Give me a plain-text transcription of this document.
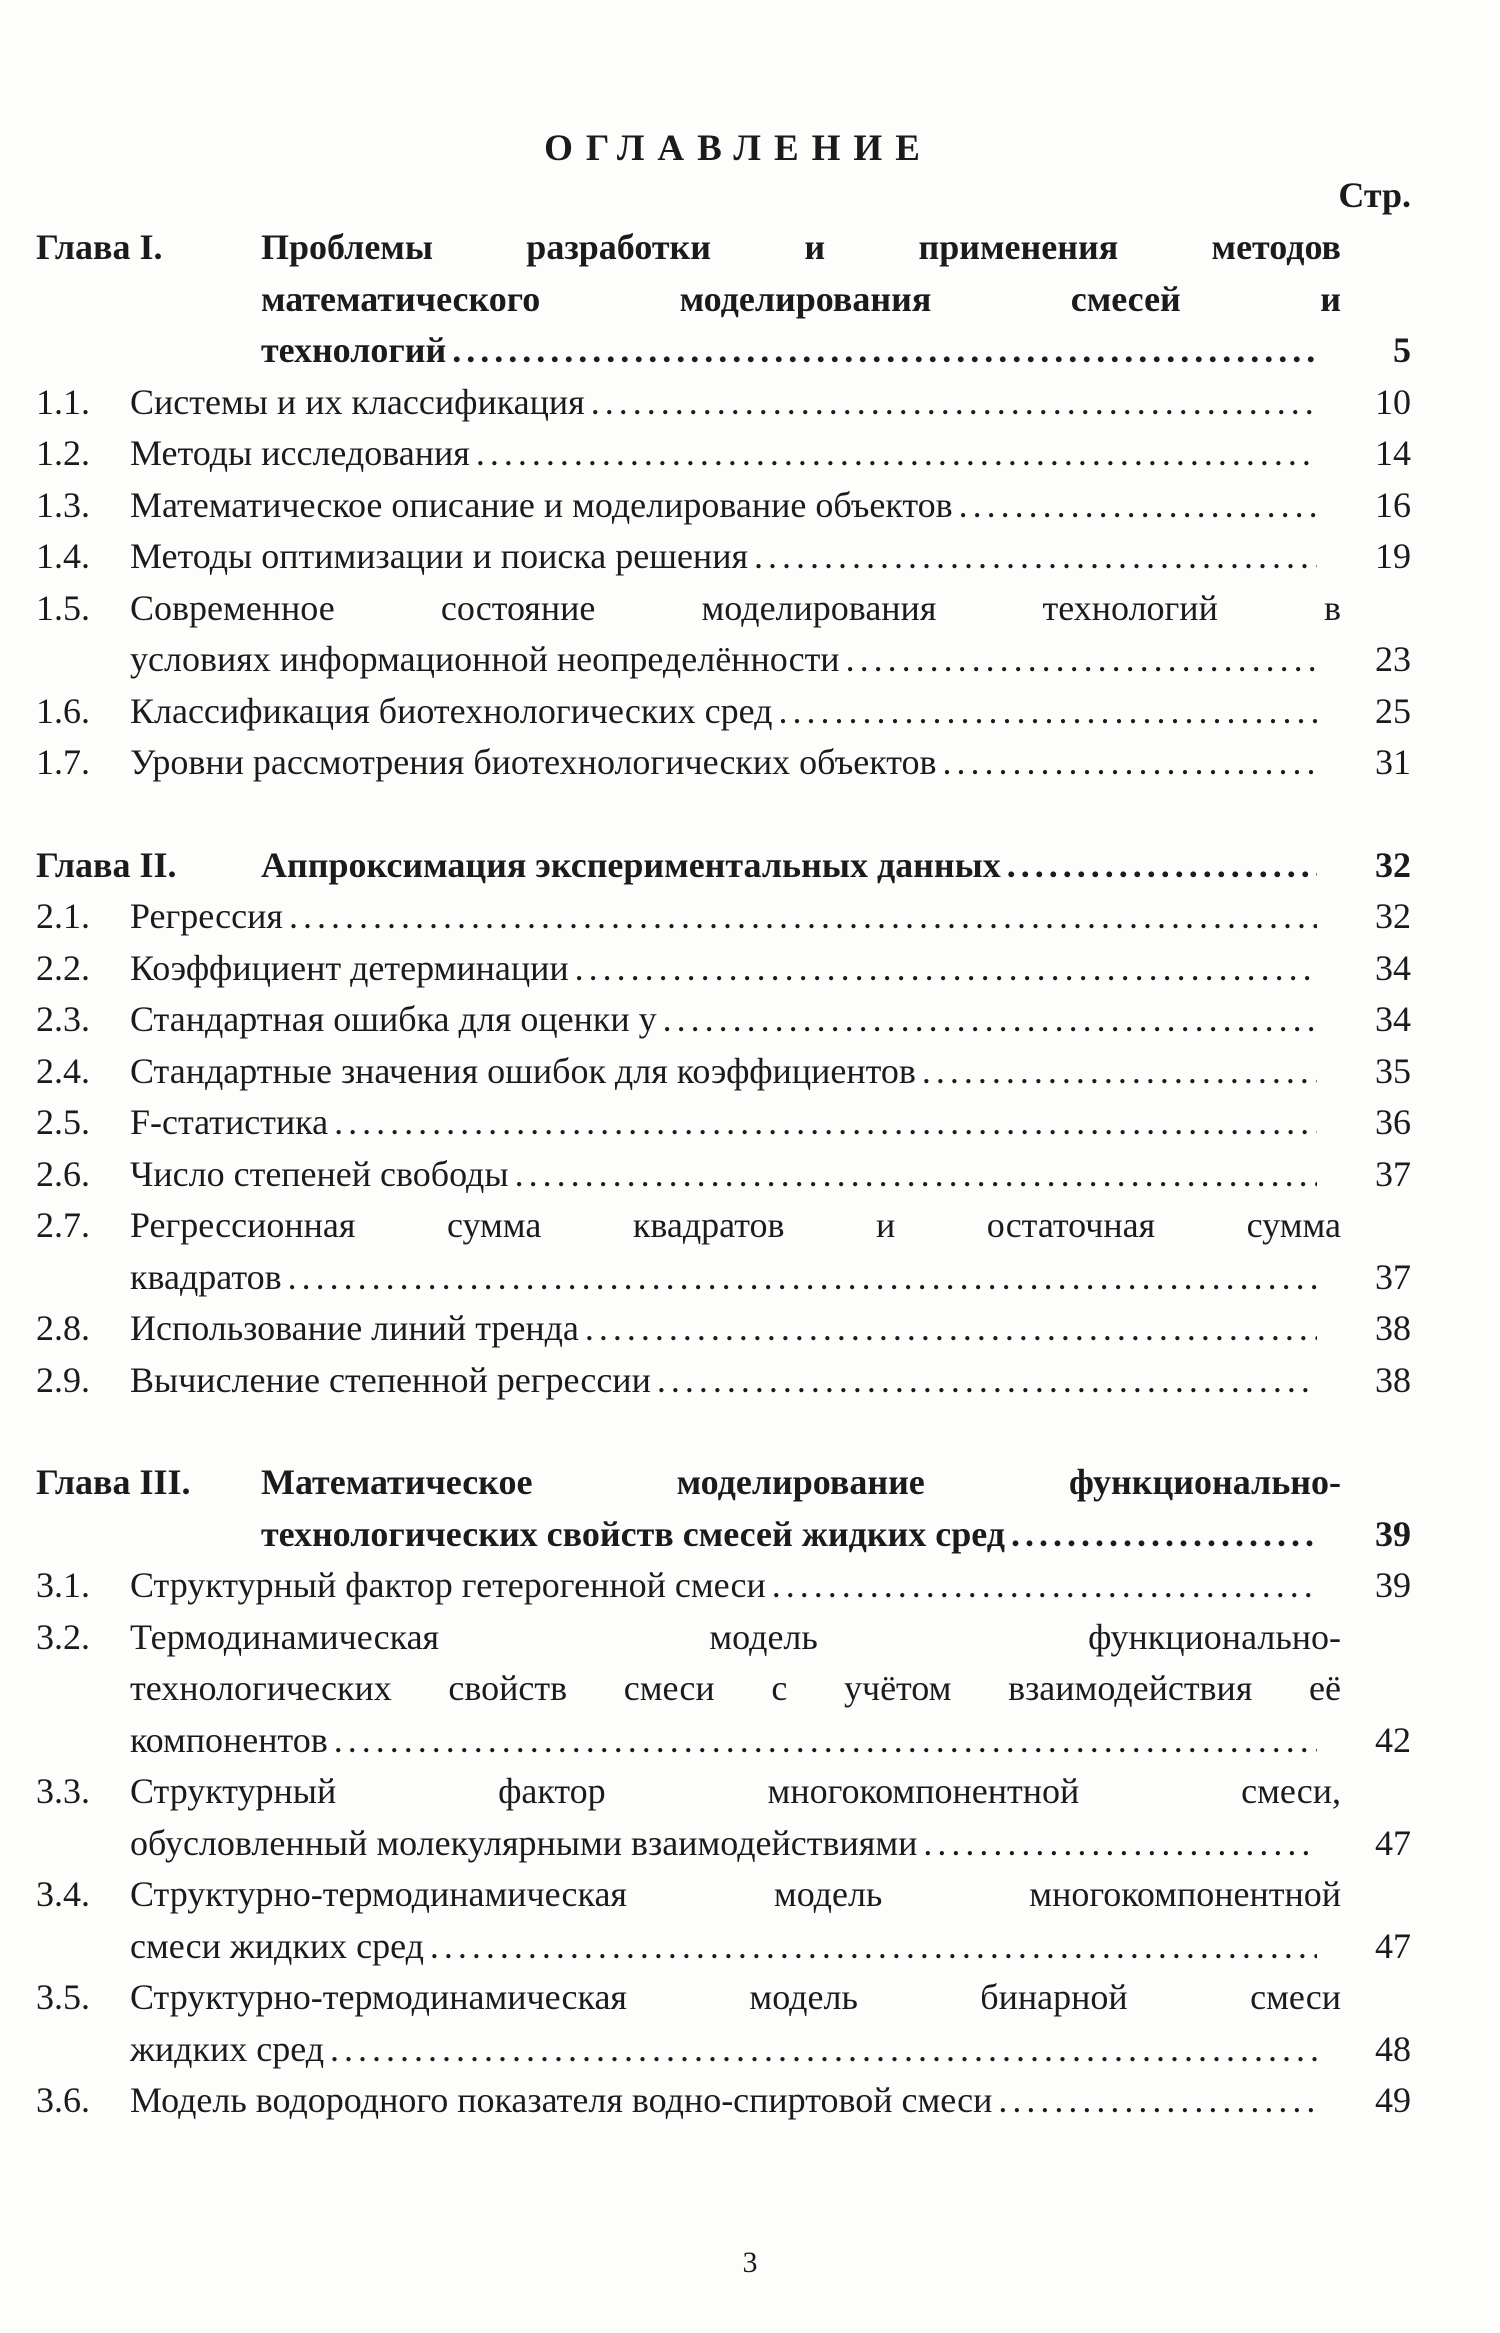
ОГЛАВЛЕНИЕ
Стр.
Глава I.	Проблемы разработки и применения методов
математического моделирования смесей и
технологий . . .	5
1.1.	Системы и их классификация . . .	10
1.2.	Методы исследования . . .	14
1.3.	Математическое описание и моделирование объектов . . .	16
1.4.	Методы оптимизации и поиска решения . . .	19
1.5.	Современное состояние моделирования технологий в
условиях информационной неопределённости . . .	23
1.6.	Классификация биотехнологических сред . . .	25
1.7.	Уровни рассмотрения биотехнологических объектов . . .	31
Глава II.	Аппроксимация экспериментальных данных . . .	32
2.1.	Регрессия . . .	32
2.2.	Коэффициент детерминации . . .	34
2.3.	Стандартная ошибка для оценки y . . .	34
2.4.	Стандартные значения ошибок для коэффициентов . . .	35
2.5.	F-статистика . . .	36
2.6.	Число степеней свободы . . .	37
2.7.	Регрессионная сумма квадратов и остаточная сумма
квадратов . . .	37
2.8.	Использование линий тренда . . .	38
2.9.	Вычисление степенной регрессии . . .	38
Глава III.	Математическое моделирование функционально-
технологических свойств смесей жидких сред . . .	39
3.1.	Структурный фактор гетерогенной смеси . . .	39
3.2.	Термодинамическая модель функционально-
технологических свойств смеси с учётом взаимодействия её
компонентов . . .	42
3.3.	Структурный фактор многокомпонентной смеси,
обусловленный молекулярными взаимодействиями . . .	47
3.4.	Структурно-термодинамическая модель многокомпонентной
смеси жидких сред . . .	47
3.5.	Структурно-термодинамическая модель бинарной смеси
жидких сред . . .	48
3.6.	Модель водородного показателя водно-спиртовой смеси . . .	49
3
